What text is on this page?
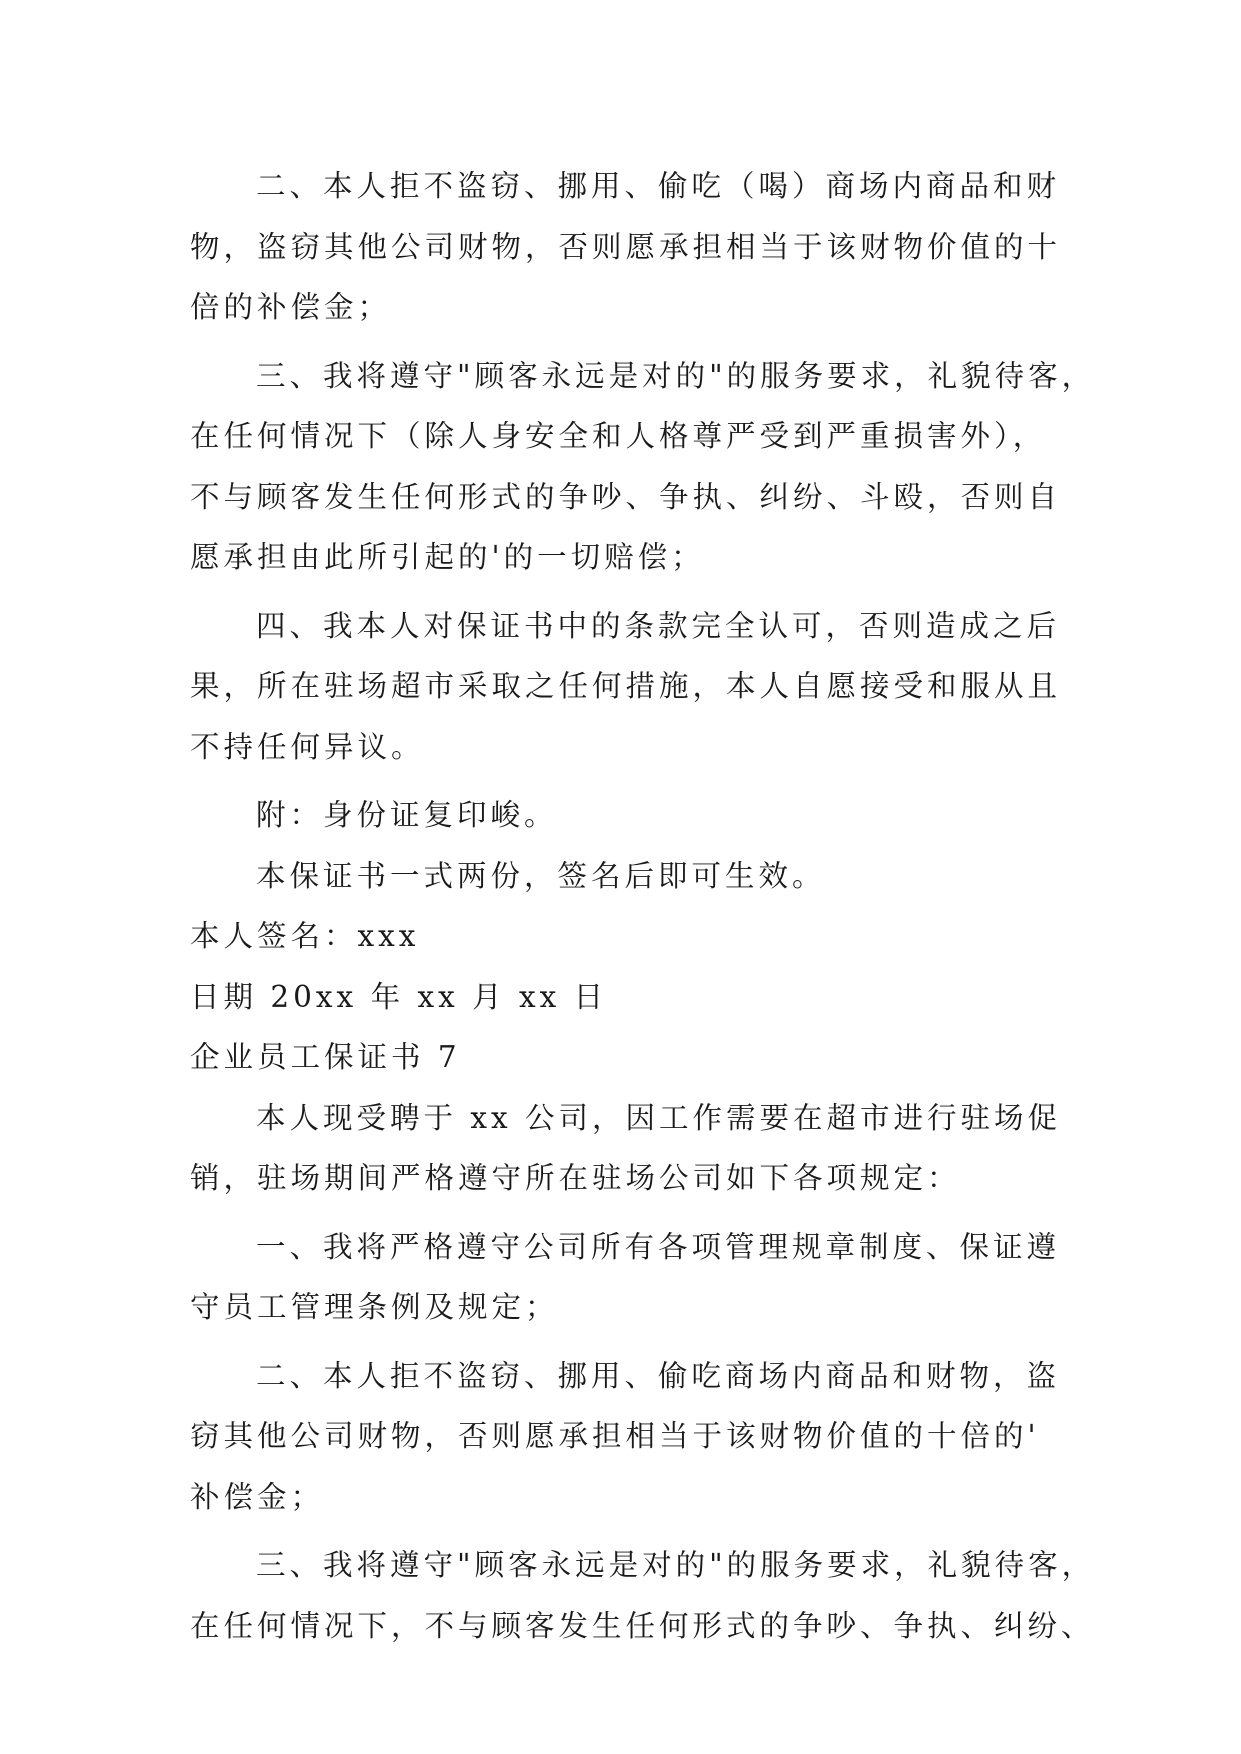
二、本人拒不盗窃、挪用、偷吃（喝）商场内商品和财
物，盗窃其他公司财物，否则愿承担相当于该财物价值的十
倍的补偿金；
三、我将遵守"顾客永远是对的"的服务要求，礼貌待客，
在任何情况下（除人身安全和人格尊严受到严重损害外），
不与顾客发生任何形式的争吵、争执、纠纷、斗殴，否则自
愿承担由此所引起的'的一切赔偿；
四、我本人对保证书中的条款完全认可，否则造成之后
果，所在驻场超市采取之任何措施，本人自愿接受和服从且
不持任何异议。
附：身份证复印峻。
本保证书一式两份，签名后即可生效。
本人签名：xxx
日期 20xx 年 xx 月 xx 日
企业员工保证书 7
本人现受聘于 xx 公司，因工作需要在超市进行驻场促
销，驻场期间严格遵守所在驻场公司如下各项规定：
一、我将严格遵守公司所有各项管理规章制度、保证遵
守员工管理条例及规定；
二、本人拒不盗窃、挪用、偷吃商场内商品和财物，盗
窃其他公司财物，否则愿承担相当于该财物价值的十倍的'
补偿金；
三、我将遵守"顾客永远是对的"的服务要求，礼貌待客，
在任何情况下，不与顾客发生任何形式的争吵、争执、纠纷、
